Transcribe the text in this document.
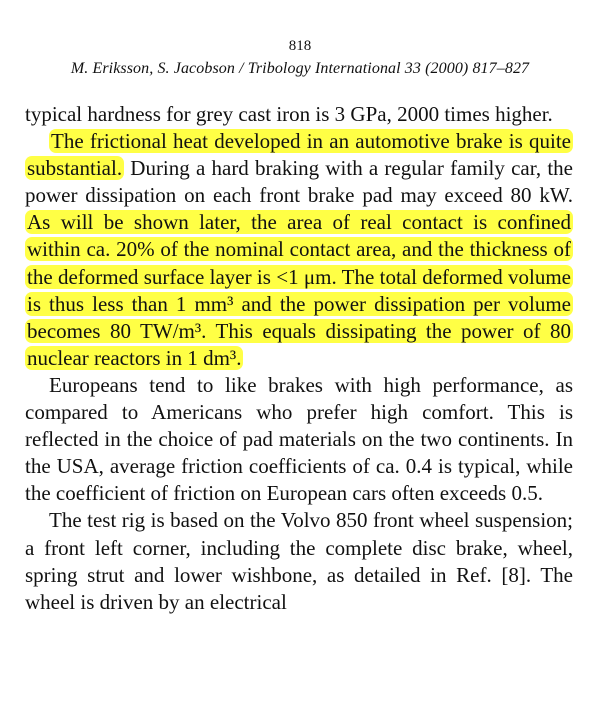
818
M. Eriksson, S. Jacobson / Tribology International 33 (2000) 817–827

typical hardness for grey cast iron is 3 GPa, 2000 times higher.

The frictional heat developed in an automotive brake is quite substantial. During a hard braking with a regular family car, the power dissipation on each front brake pad may exceed 80 kW. As will be shown later, the area of real contact is confined within ca. 20% of the nominal contact area, and the thickness of the deformed surface layer is <1 μm. The total deformed volume is thus less than 1 mm³ and the power dissipation per volume becomes 80 TW/m³. This equals dissipating the power of 80 nuclear reactors in 1 dm³.

Europeans tend to like brakes with high performance, as compared to Americans who prefer high comfort. This is reflected in the choice of pad materials on the two continents. In the USA, average friction coefficients of ca. 0.4 is typical, while the coefficient of friction on European cars often exceeds 0.5.

The test rig is based on the Volvo 850 front wheel suspension; a front left corner, including the complete disc brake, wheel, spring strut and lower wishbone, as detailed in Ref. [8]. The wheel is driven by an electrical
